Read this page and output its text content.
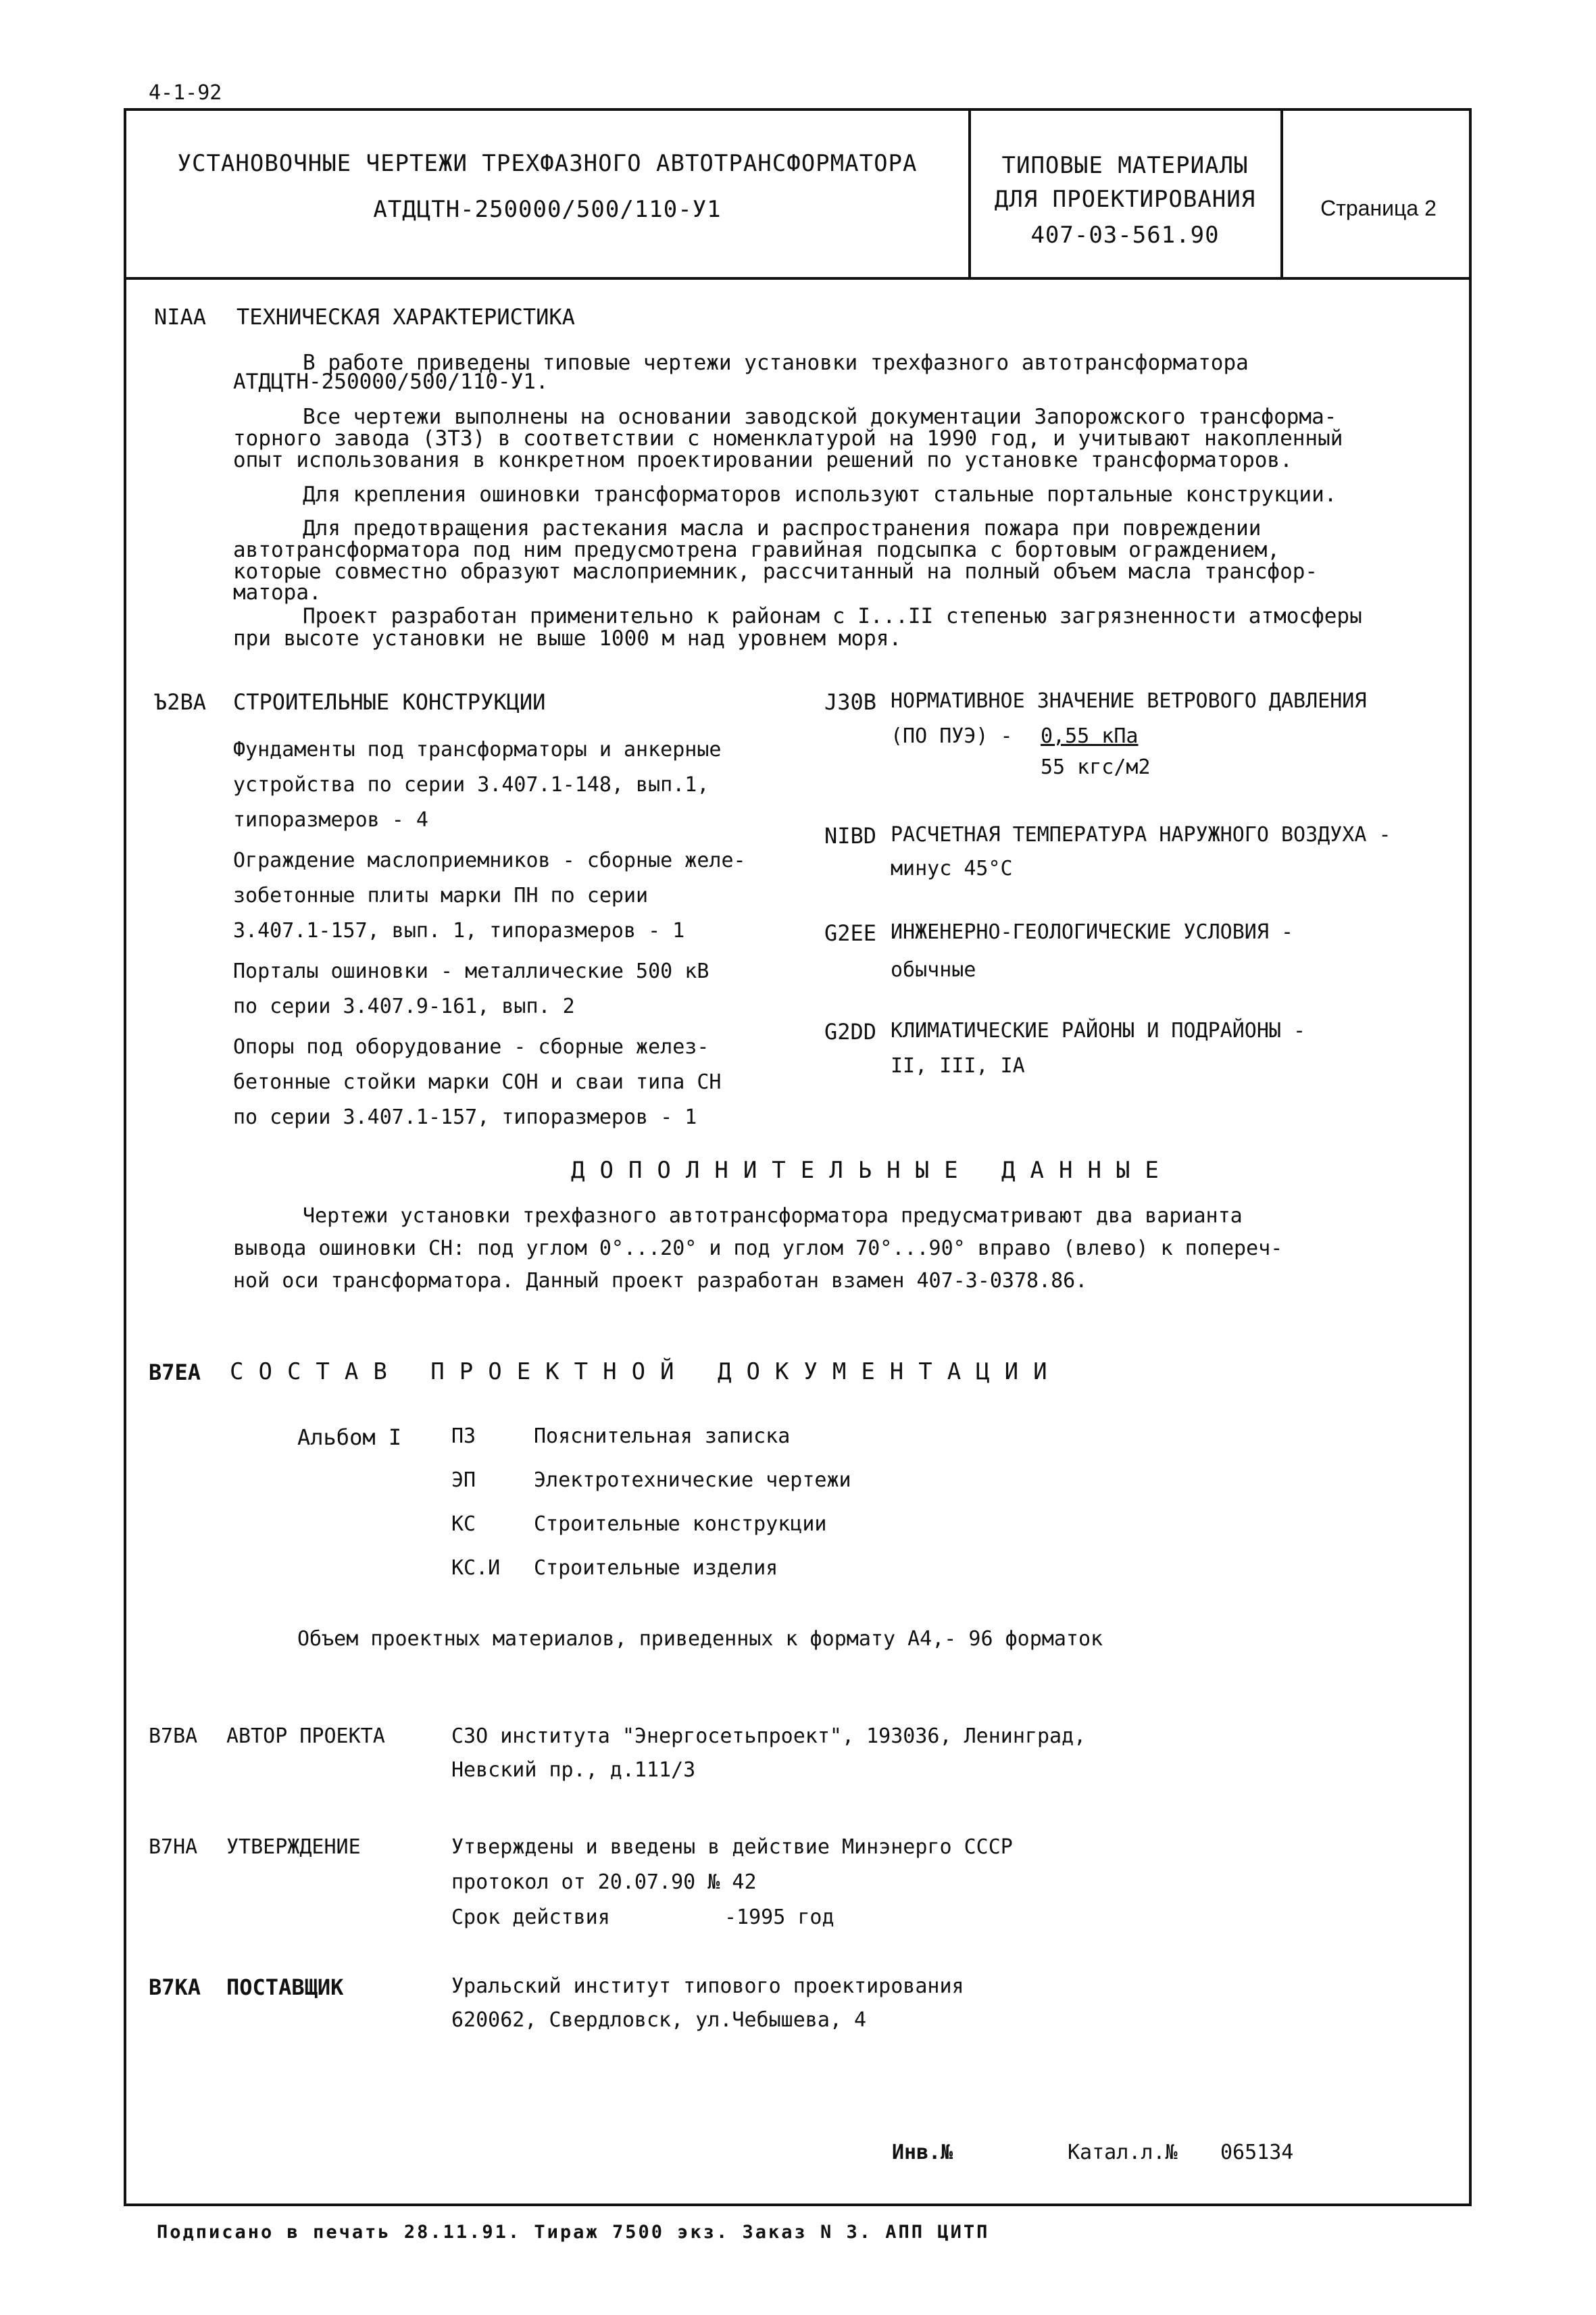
4-1-92
УСТАНОВОЧНЫЕ ЧЕРТЕЖИ ТРЕХФАЗНОГО АВТОТРАНСФОРМАТОРА
АТДЦТН-250000/500/110-У1
ТИПОВЫЕ МАТЕРИАЛЫ
ДЛЯ ПРОЕКТИРОВАНИЯ
407-03-561.90
Страница 2
NIAA ТЕХНИЧЕСКАЯ ХАРАКТЕРИСТИКА
В работе приведены типовые чертежи установки трехфазного автотрансформатора
АТДЦТН-250000/500/110-У1.
Все чертежи выполнены на основании заводской документации Запорожского трансформа-
торного завода (ЗТЗ) в соответствии с номенклатурой на 1990 год, и учитывают накопленный
опыт использования в конкретном проектировании решений по установке трансформаторов.
Для крепления ошиновки трансформаторов используют стальные портальные конструкции.
Для предотвращения растекания масла и распространения пожара при повреждении
автотрансформатора под ним предусмотрена гравийная подсыпка с бортовым ограждением,
которые совместно образуют маслоприемник, рассчитанный на полный объем масла трансфор-
матора.
Проект разработан применительно к районам с I...II степенью загрязненности атмосферы
при высоте установки не выше 1000 м над уровнем моря.
Ъ2ВА СТРОИТЕЛЬНЫЕ КОНСТРУКЦИИ
Фундаменты под трансформаторы и анкерные
устройства по серии 3.407.1-148, вып.1,
типоразмеров - 4
Ограждение маслоприемников - сборные желе-
зобетонные плиты марки ПН по серии
3.407.1-157, вып. 1, типоразмеров - 1
Порталы ошиновки - металлические 500 кВ
по серии 3.407.9-161, вып. 2
Опоры под оборудование - сборные желез-
бетонные стойки марки СОН и сваи типа СН
по серии 3.407.1-157, типоразмеров - 1
J30B НОРМАТИВНОЕ ЗНАЧЕНИЕ ВЕТРОВОГО ДАВЛЕНИЯ
(ПО ПУЭ) - 0,55 кПа
55 кгс/м2
NIBD РАСЧЕТНАЯ ТЕМПЕРАТУРА НАРУЖНОГО ВОЗДУХА -
минус 45°С
G2EE ИНЖЕНЕРНО-ГЕОЛОГИЧЕСКИЕ УСЛОВИЯ -
обычные
G2DD КЛИМАТИЧЕСКИЕ РАЙОНЫ И ПОДРАЙОНЫ -
II, III, IА
ДОПОЛНИТЕЛЬНЫЕ ДАННЫЕ
Чертежи установки трехфазного автотрансформатора предусматривают два варианта
вывода ошиновки СН: под углом 0°...20° и под углом 70°...90° вправо (влево) к попереч-
ной оси трансформатора. Данный проект разработан взамен 407-3-0378.86.
В7ЕА СОСТАВ ПРОЕКТНОЙ ДОКУМЕНТАЦИИ
Альбом I ПЗ	Пояснительная записка
ЭП	Электротехнические чертежи
КС	Строительные конструкции
КС.И Строительные изделия
Объем проектных материалов, приведенных к формату А4,- 96 форматок
В7ВА АВТОР ПРОЕКТА	СЗО института "Энергосетьпроект", 193036, Ленинград,
Невский пр., д.111/3
В7НА УТВЕРЖДЕНИЕ	Утверждены и введены в действие Минэнерго СССР
протокол от 20.07.90 № 42
Срок действия	-1995 год
В7КА ПОСТАВЩИК	Уральский институт типового проектирования
620062, Свердловск, ул.Чебышева, 4
Инв.№	Катал.л.№ 065134
Подписано в печать 28.11.91. Тираж 7500 экз. Заказ N 3. АПП ЦИТП
